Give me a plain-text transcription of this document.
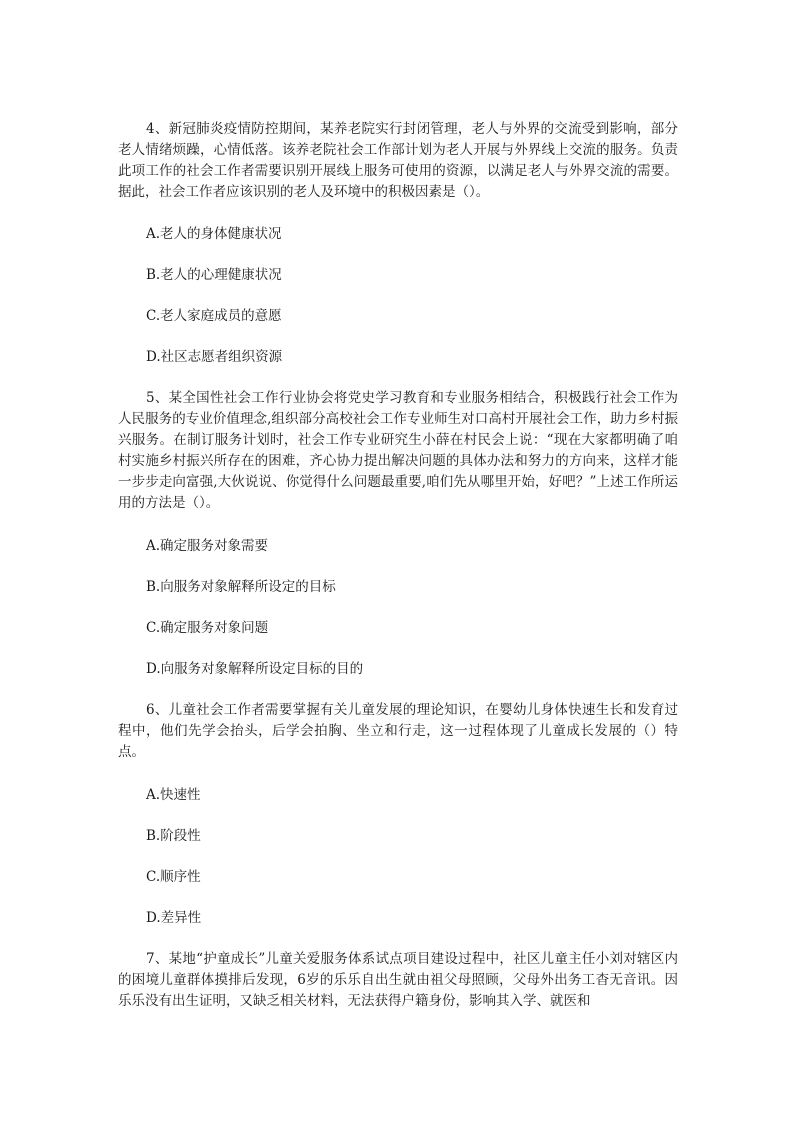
4、新冠肺炎疫情防控期间，某养老院实行封闭管理，老人与外界的交流受到影响，部分老人情绪烦躁，心情低落。该养老院社会工作部计划为老人开展与外界线上交流的服务。负责此项工作的社会工作者需要识别开展线上服务可使用的资源，以满足老人与外界交流的需要。据此，社会工作者应该识别的老人及环境中的积极因素是（）。

A.老人的身体健康状况

B.老人的心理健康状况

C.老人家庭成员的意愿

D.社区志愿者组织资源

5、某全国性社会工作行业协会将党史学习教育和专业服务相结合，积极践行社会工作为人民服务的专业价值理念,组织部分高校社会工作专业师生对口高村开展社会工作，助力乡村振兴服务。在制订服务计划时，社会工作专业研究生小薛在村民会上说：“现在大家都明确了咱村实施乡村振兴所存在的困难，齐心协力提出解决问题的具体办法和努力的方向来，这样才能一步步走向富强,大伙说说、你觉得什么问题最重要,咱们先从哪里开始，好吧？”上述工作所运用的方法是（）。

A.确定服务对象需要

B.向服务对象解释所设定的目标

C.确定服务对象问题

D.向服务对象解释所设定目标的目的

6、儿童社会工作者需要掌握有关儿童发展的理论知识，在婴幼儿身体快速生长和发育过程中，他们先学会抬头，后学会拍胸、坐立和行走，这一过程体现了儿童成长发展的（）特点。

A.快速性

B.阶段性

C.顺序性

D.差异性

7、某地“护童成长”儿童关爱服务体系试点项目建设过程中，社区儿童主任小刘对辖区内的困境儿童群体摸排后发现，6岁的乐乐自出生就由祖父母照顾，父母外出务工杳无音讯。因乐乐没有出生证明，又缺乏相关材料，无法获得户籍身份，影响其入学、就医和
